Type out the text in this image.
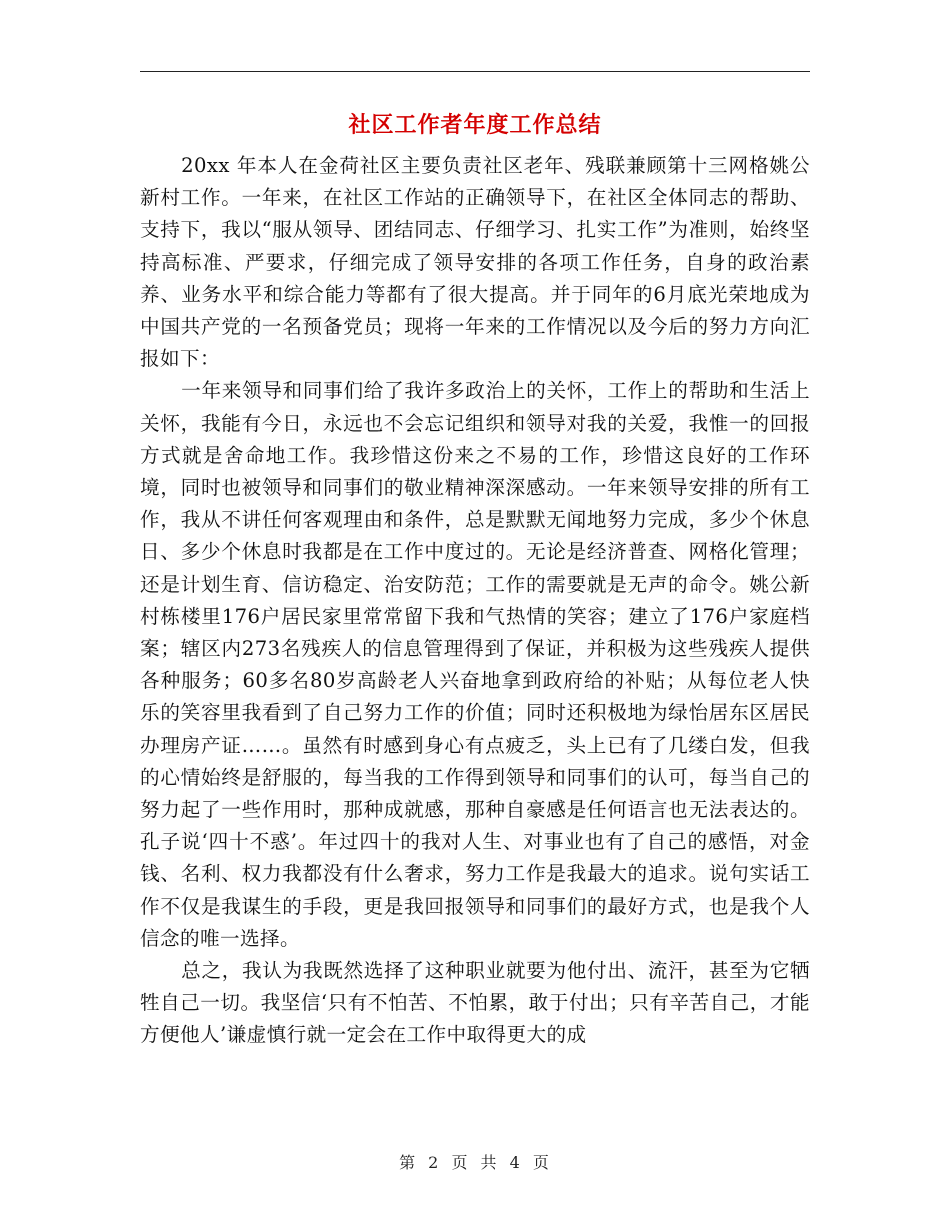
社区工作者年度工作总结

20xx 年本人在金荷社区主要负责社区老年、残联兼顾第十三网格姚公新村工作。一年来，在社区工作站的正确领导下，在社区全体同志的帮助、支持下，我以“服从领导、团结同志、仔细学习、扎实工作”为准则，始终坚持高标准、严要求，仔细完成了领导安排的各项工作任务，自身的政治素养、业务水平和综合能力等都有了很大提高。并于同年的6月底光荣地成为中国共产党的一名预备党员；现将一年来的工作情况以及今后的努力方向汇报如下：

一年来领导和同事们给了我许多政治上的关怀，工作上的帮助和生活上关怀，我能有今日，永远也不会忘记组织和领导对我的关爱，我惟一的回报方式就是舍命地工作。我珍惜这份来之不易的工作，珍惜这良好的工作环境，同时也被领导和同事们的敬业精神深深感动。一年来领导安排的所有工作，我从不讲任何客观理由和条件，总是默默无闻地努力完成，多少个休息日、多少个休息时我都是在工作中度过的。无论是经济普查、网格化管理；还是计划生育、信访稳定、治安防范；工作的需要就是无声的命令。姚公新村栋楼里176户居民家里常常留下我和气热情的笑容；建立了176户家庭档案；辖区内273名残疾人的信息管理得到了保证，并积极为这些残疾人提供各种服务；60多名80岁高龄老人兴奋地拿到政府给的补贴；从每位老人快乐的笑容里我看到了自己努力工作的价值；同时还积极地为绿怡居东区居民办理房产证……。虽然有时感到身心有点疲乏，头上已有了几缕白发，但我的心情始终是舒服的，每当我的工作得到领导和同事们的认可，每当自己的努力起了一些作用时，那种成就感，那种自豪感是任何语言也无法表达的。孔子说‘四十不惑’。年过四十的我对人生、对事业也有了自己的感悟，对金钱、名利、权力我都没有什么奢求，努力工作是我最大的追求。说句实话工作不仅是我谋生的手段，更是我回报领导和同事们的最好方式，也是我个人信念的唯一选择。

总之，我认为我既然选择了这种职业就要为他付出、流汗，甚至为它牺牲自己一切。我坚信‘只有不怕苦、不怕累，敢于付出；只有辛苦自己，才能方便他人’谦虚慎行就一定会在工作中取得更大的成

第 2 页 共 4 页
